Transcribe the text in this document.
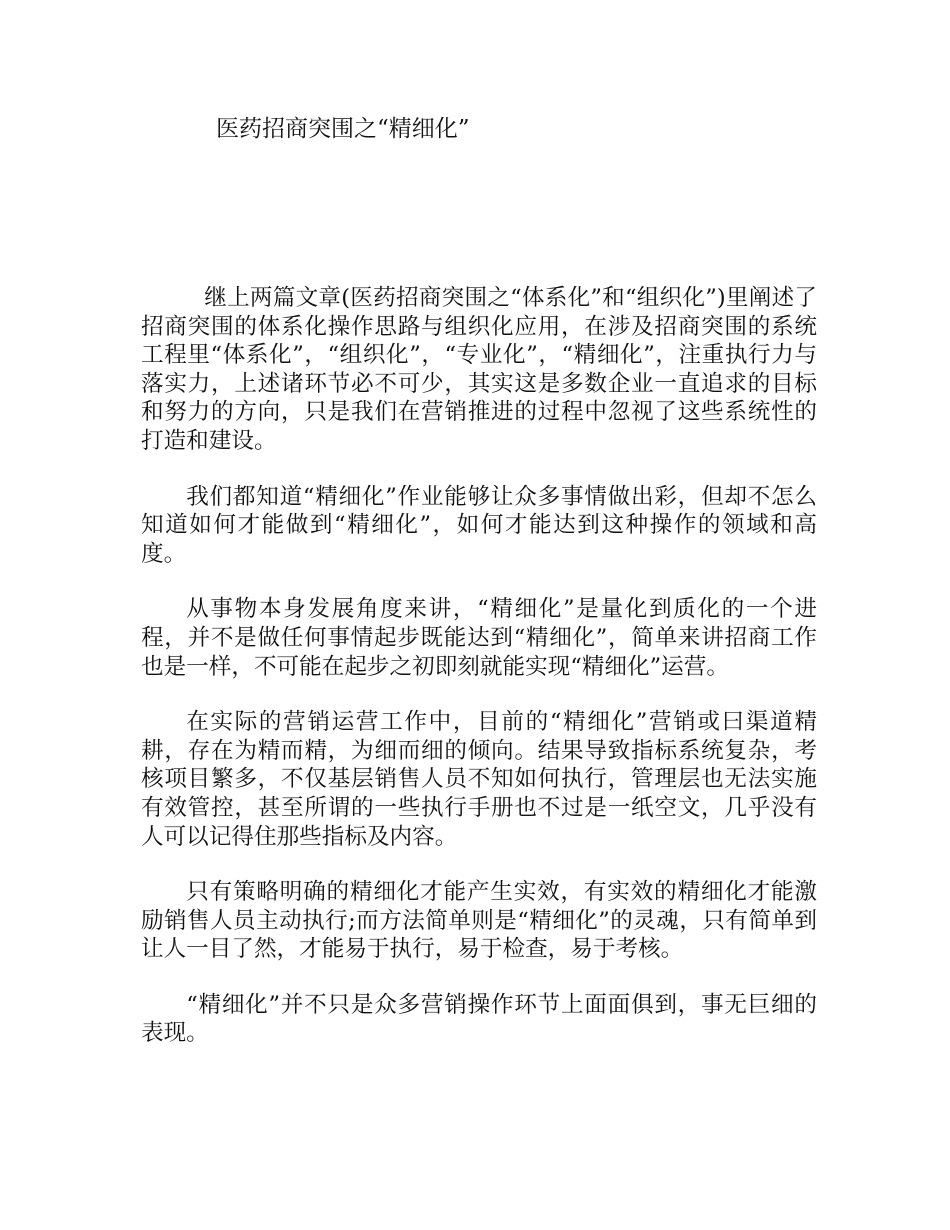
医药招商突围之“精细化”

继上两篇文章(医药招商突围之“体系化”和“组织化”)里阐述了招商突围的体系化操作思路与组织化应用，在涉及招商突围的系统工程里“体系化”，“组织化”，“专业化”，“精细化”，注重执行力与落实力，上述诸环节必不可少，其实这是多数企业一直追求的目标和努力的方向，只是我们在营销推进的过程中忽视了这些系统性的打造和建设。

我们都知道“精细化”作业能够让众多事情做出彩，但却不怎么知道如何才能做到“精细化”，如何才能达到这种操作的领域和高度。

从事物本身发展角度来讲，“精细化”是量化到质化的一个进程，并不是做任何事情起步既能达到“精细化”，简单来讲招商工作也是一样，不可能在起步之初即刻就能实现“精细化”运营。

在实际的营销运营工作中，目前的“精细化”营销或曰渠道精耕，存在为精而精，为细而细的倾向。结果导致指标系统复杂，考核项目繁多，不仅基层销售人员不知如何执行，管理层也无法实施有效管控，甚至所谓的一些执行手册也不过是一纸空文，几乎没有人可以记得住那些指标及内容。

只有策略明确的精细化才能产生实效，有实效的精细化才能激励销售人员主动执行;而方法简单则是“精细化”的灵魂，只有简单到让人一目了然，才能易于执行，易于检查，易于考核。

“精细化”并不只是众多营销操作环节上面面俱到，事无巨细的表现。
